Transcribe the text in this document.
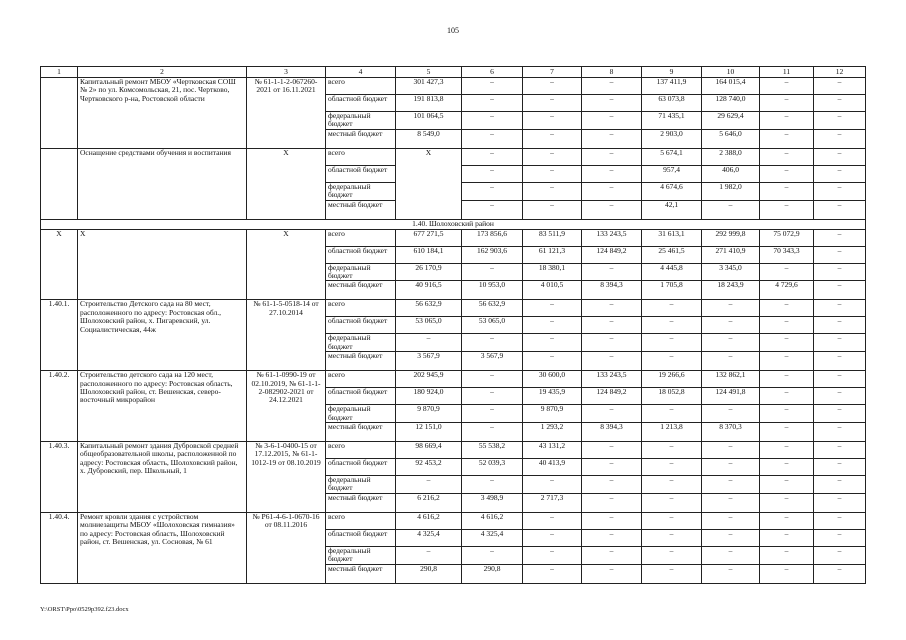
105
1	2	3	4	5	6	7	8	9	10	11	12
	Капитальный ремонт МБОУ «Чертковская СОШ № 2» по ул. Комсомольская, 21, пос. Чертково, Чертковского р-на, Ростовской области	№ 61-1-1-2-067260-2021 от 16.11.2021	всего	301 427,3	–	–	–	137 411,9	164 015,4	–	–
			областной бюджет	191 813,8	–	–	–	63 073,8	128 740,0	–	–
			федеральный бюджет	101 064,5	–	–	–	71 435,1	29 629,4	–	–
			местный бюджет	8 549,0	–	–	–	2 903,0	5 646,0	–	–
	Оснащение средствами обучения и воспитания	Х	всего	Х	–	–	–	5 674,1	2 388,0	–	–
			областной бюджет		–	–	–	957,4	406,0	–	–
			федеральный бюджет		–	–	–	4 674,6	1 982,0	–	–
			местный бюджет		–	–	–	42,1	–	–	–
1.40. Шолоховский район											
Х	Х	Х	всего	677 271,5	173 856,6	83 511,9	133 243,5	31 613,1	292 999,8	75 072,9	–
			областной бюджет	610 184,1	162 903,6	61 121,3	124 849,2	25 461,5	271 410,9	70 343,3	–
			федеральный бюджет	26 170,9	–	18 380,1	–	4 445,8	3 345,0	–	–
			местный бюджет	40 916,5	10 953,0	4 010,5	8 394,3	1 705,8	18 243,9	4 729,6	–
1.40.1.	Строительство Детского сада на 80 мест, расположенного по адресу: Ростовская обл., Шолоховский район, х. Пигаревский, ул. Социалистическая, 44ж	№ 61-1-5-0518-14 от 27.10.2014	всего	56 632,9	56 632,9	–	–	–	–	–	–
			областной бюджет	53 065,0	53 065,0	–	–	–	–	–	–
			федеральный бюджет	–	–	–	–	–	–	–	–
			местный бюджет	3 567,9	3 567,9	–	–	–	–	–	–
1.40.2.	Строительство детского сада на 120 мест, расположенного по адресу: Ростовская область, Шолоховский район, ст. Вешенская, северо-восточный микрорайон	№ 61-1-0990-19 от 02.10.2019, № 61-1-1-2-082902-2021 от 24.12.2021	всего	202 945,9	–	30 600,0	133 243,5	19 266,6	132 862,1	–	–
			областной бюджет	180 924,0	–	19 435,9	124 849,2	18 052,8	124 491,8	–	–
			федеральный бюджет	9 870,9	–	9 870,9	–	–	–	–	–
			местный бюджет	12 151,0	–	1 293,2	8 394,3	1 213,8	8 370,3	–	–
1.40.3.	Капитальный ремонт здания Дубровской средней общеобразовательной школы, расположенной по адресу: Ростовская область, Шолоховский район, х. Дубровский, пер. Школьный, 1	№ 3-6-1-0400-15 от 17.12.2015, № 61-1-1012-19 от 08.10.2019	всего	98 669,4	55 538,2	43 131,2	–	–	–	–	–
			областной бюджет	92 453,2	52 039,3	40 413,9	–	–	–	–	–
			федеральный бюджет	–	–	–	–	–	–	–	–
			местный бюджет	6 216,2	3 498,9	2 717,3	–	–	–	–	–
1.40.4.	Ремонт кровли здания с устройством молниезащиты МБОУ «Шолоховская гимназия» по адресу: Ростовская область, Шолоховский район, ст. Вешенская, ул. Сосновая, № 61	№ Р61-4-6-1-0670-16 от 08.11.2016	всего	4 616,2	4 616,2	–	–	–	–	–	–
			областной бюджет	4 325,4	4 325,4	–	–	–	–	–	–
			федеральный бюджет	–	–	–	–	–	–	–	–
			местный бюджет	290,8	290,8	–	–	–	–	–	–
Y:\ORST\Ppo\0529p392.f23.docx
